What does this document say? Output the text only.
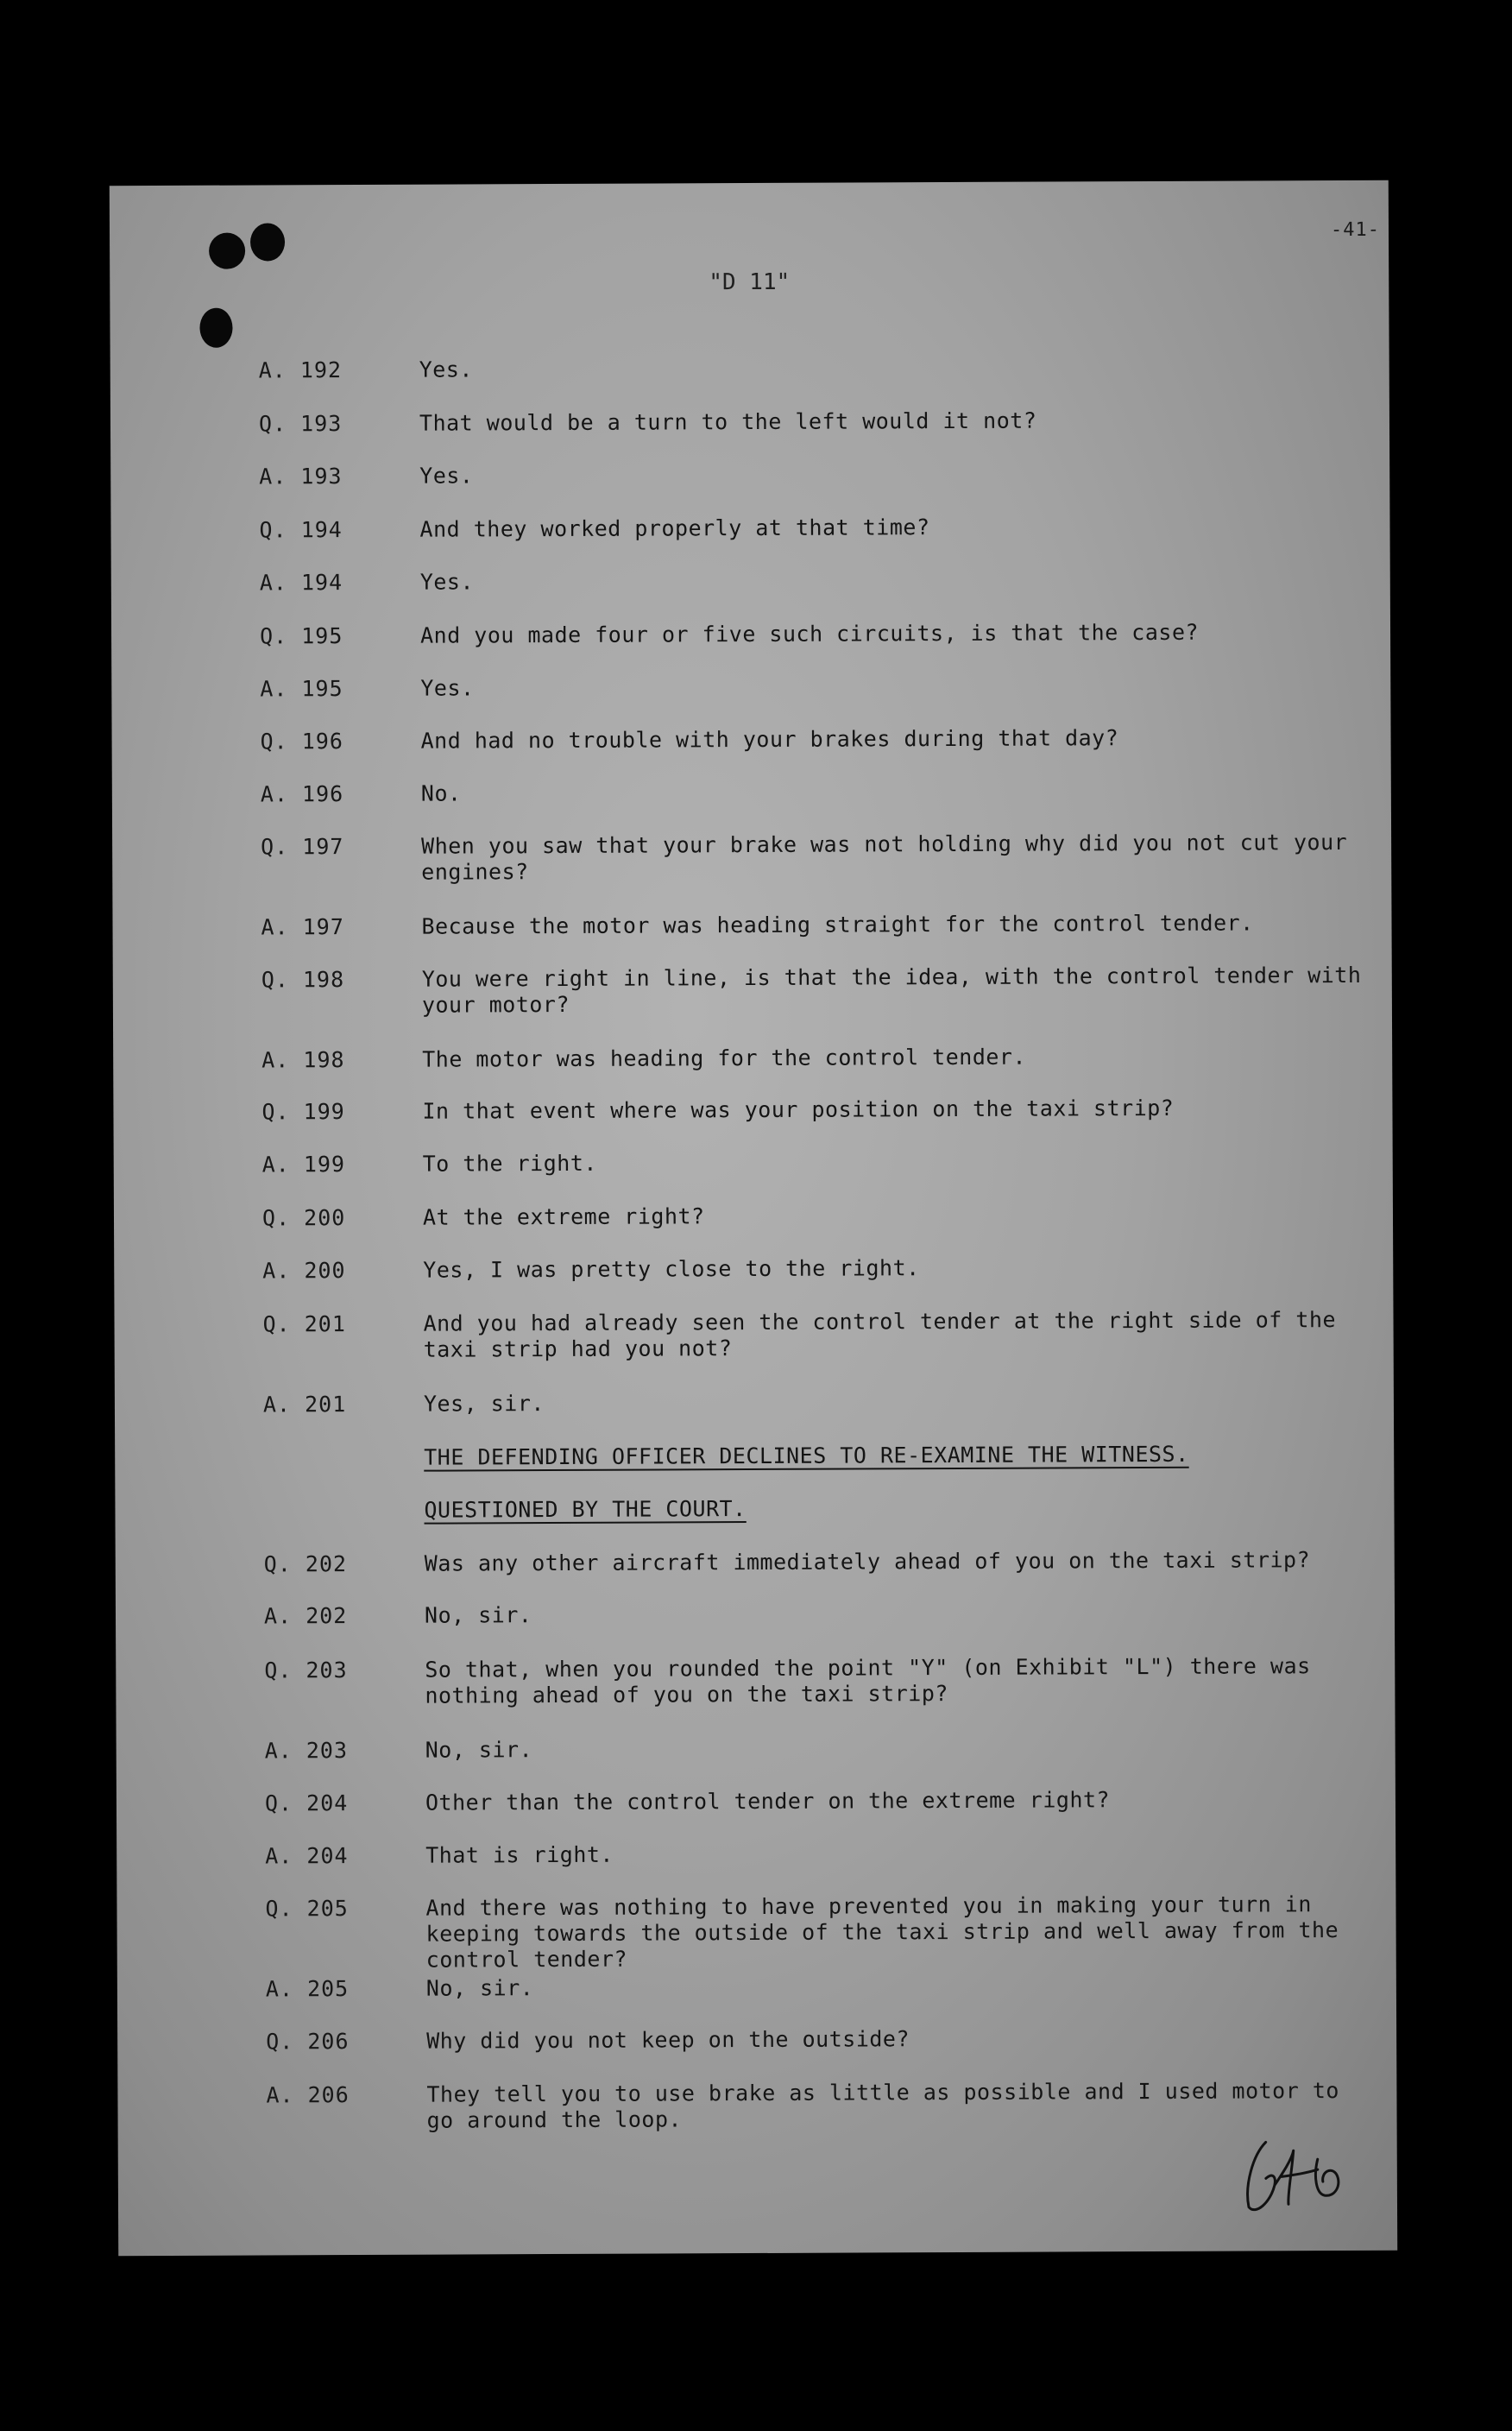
-41-
"D 11"
A. 192	Yes.
Q. 193	That would be a turn to the left would it not?
A. 193	Yes.
Q. 194	And they worked properly at that time?
A. 194	Yes.
Q. 195	And you made four or five such circuits, is that the case?
A. 195	Yes.
Q. 196	And had no trouble with your brakes during that day?
A. 196	No.
Q. 197	When you saw that your brake was not holding why did you not cut your engines?
A. 197	Because the motor was heading straight for the control tender.
Q. 198	You were right in line, is that the idea, with the control tender with your motor?
A. 198	The motor was heading for the control tender.
Q. 199	In that event where was your position on the taxi strip?
A. 199	To the right.
Q. 200	At the extreme right?
A. 200	Yes, I was pretty close to the right.
Q. 201	And you had already seen the control tender at the right side of the taxi strip had you not?
A. 201	Yes, sir.
THE DEFENDING OFFICER DECLINES TO RE-EXAMINE THE WITNESS.
QUESTIONED BY THE COURT.
Q. 202	Was any other aircraft immediately ahead of you on the taxi strip?
A. 202	No, sir.
Q. 203	So that, when you rounded the point "Y" (on Exhibit "L") there was nothing ahead of you on the taxi strip?
A. 203	No, sir.
Q. 204	Other than the control tender on the extreme right?
A. 204	That is right.
Q. 205	And there was nothing to have prevented you in making your turn in keeping towards the outside of the taxi strip and well away from the control tender?
A. 205	No, sir.
Q. 206	Why did you not keep on the outside?
A. 206	They tell you to use brake as little as possible and I used motor to go around the loop.
